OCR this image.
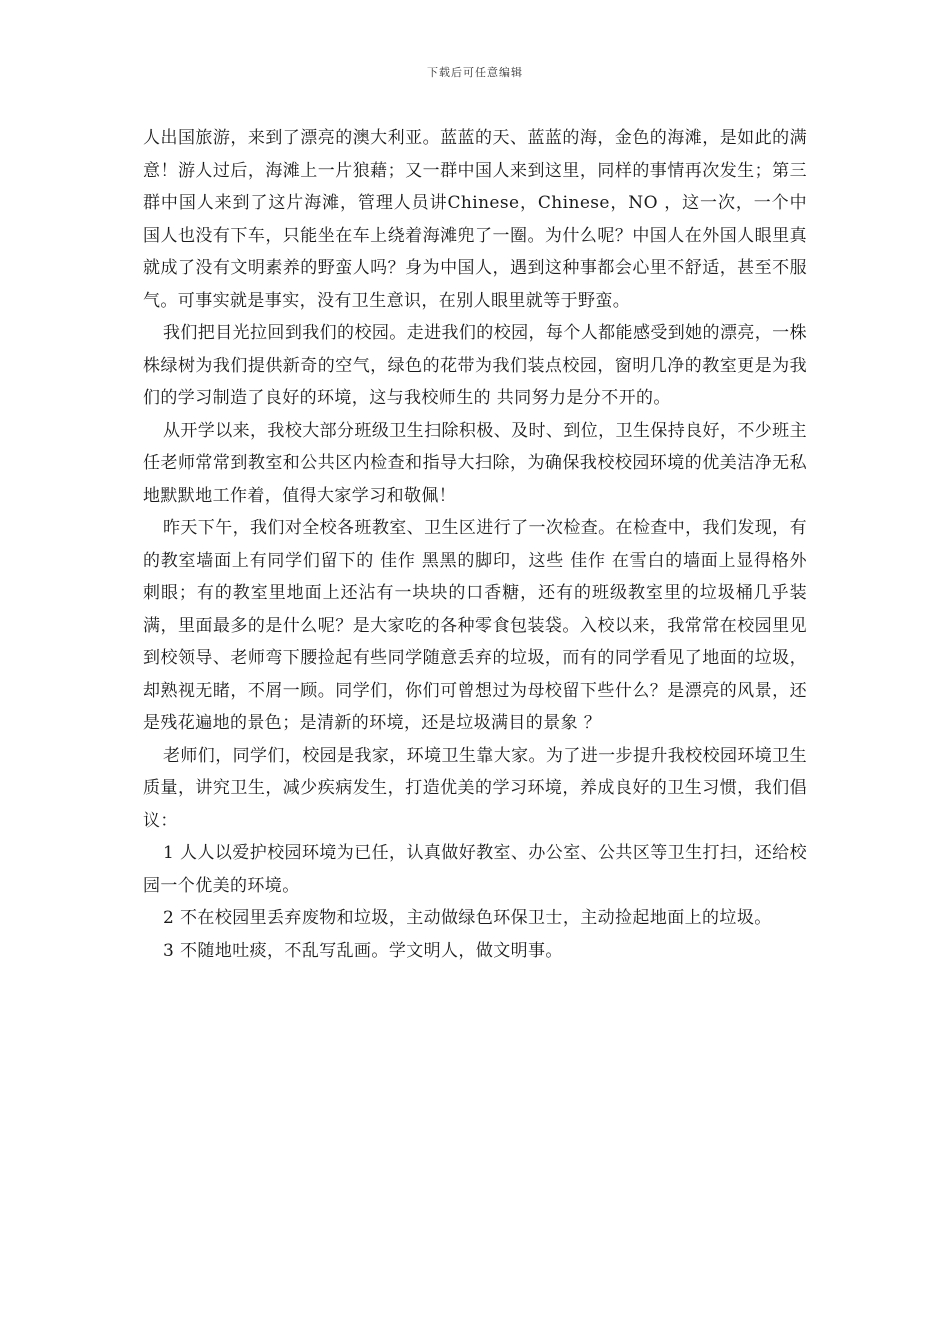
下载后可任意编辑

人出国旅游，来到了漂亮的澳大利亚。蓝蓝的天、蓝蓝的海，金色的海滩，是如此的满意！游人过后，海滩上一片狼藉；又一群中国人来到这里，同样的事情再次发生；第三群中国人来到了这片海滩，管理人员讲Chinese，Chinese，NO ，这一次，一个中国人也没有下车，只能坐在车上绕着海滩兜了一圈。为什么呢？中国人在外国人眼里真就成了没有文明素养的野蛮人吗？身为中国人，遇到这种事都会心里不舒适，甚至不服气。可事实就是事实，没有卫生意识，在别人眼里就等于野蛮。

我们把目光拉回到我们的校园。走进我们的校园，每个人都能感受到她的漂亮，一株株绿树为我们提供新奇的空气，绿色的花带为我们装点校园，窗明几净的教室更是为我们的学习制造了良好的环境，这与我校师生的 共同努力是分不开的。

从开学以来，我校大部分班级卫生扫除积极、及时、到位，卫生保持良好，不少班主任老师常常到教室和公共区内检查和指导大扫除，为确保我校校园环境的优美洁净无私地默默地工作着，值得大家学习和敬佩！

昨天下午，我们对全校各班教室、卫生区进行了一次检查。在检查中，我们发现，有的教室墙面上有同学们留下的 佳作 黑黑的脚印，这些 佳作 在雪白的墙面上显得格外刺眼；有的教室里地面上还沾有一块块的口香糖，还有的班级教室里的垃圾桶几乎装满，里面最多的是什么呢？是大家吃的各种零食包装袋。入校以来，我常常在校园里见到校领导、老师弯下腰捡起有些同学随意丢弃的垃圾，而有的同学看见了地面的垃圾，却熟视无睹，不屑一顾。同学们，你们可曾想过为母校留下些什么？是漂亮的风景，还是残花遍地的景色；是清新的环境，还是垃圾满目的景象 ？

老师们，同学们，校园是我家，环境卫生靠大家。为了进一步提升我校校园环境卫生质量，讲究卫生，减少疾病发生，打造优美的学习环境，养成良好的卫生习惯，我们倡议：

1 人人以爱护校园环境为已任，认真做好教室、办公室、公共区等卫生打扫，还给校园一个优美的环境。

2 不在校园里丢弃废物和垃圾，主动做绿色环保卫士，主动捡起地面上的垃圾。

3 不随地吐痰，不乱写乱画。学文明人，做文明事。
